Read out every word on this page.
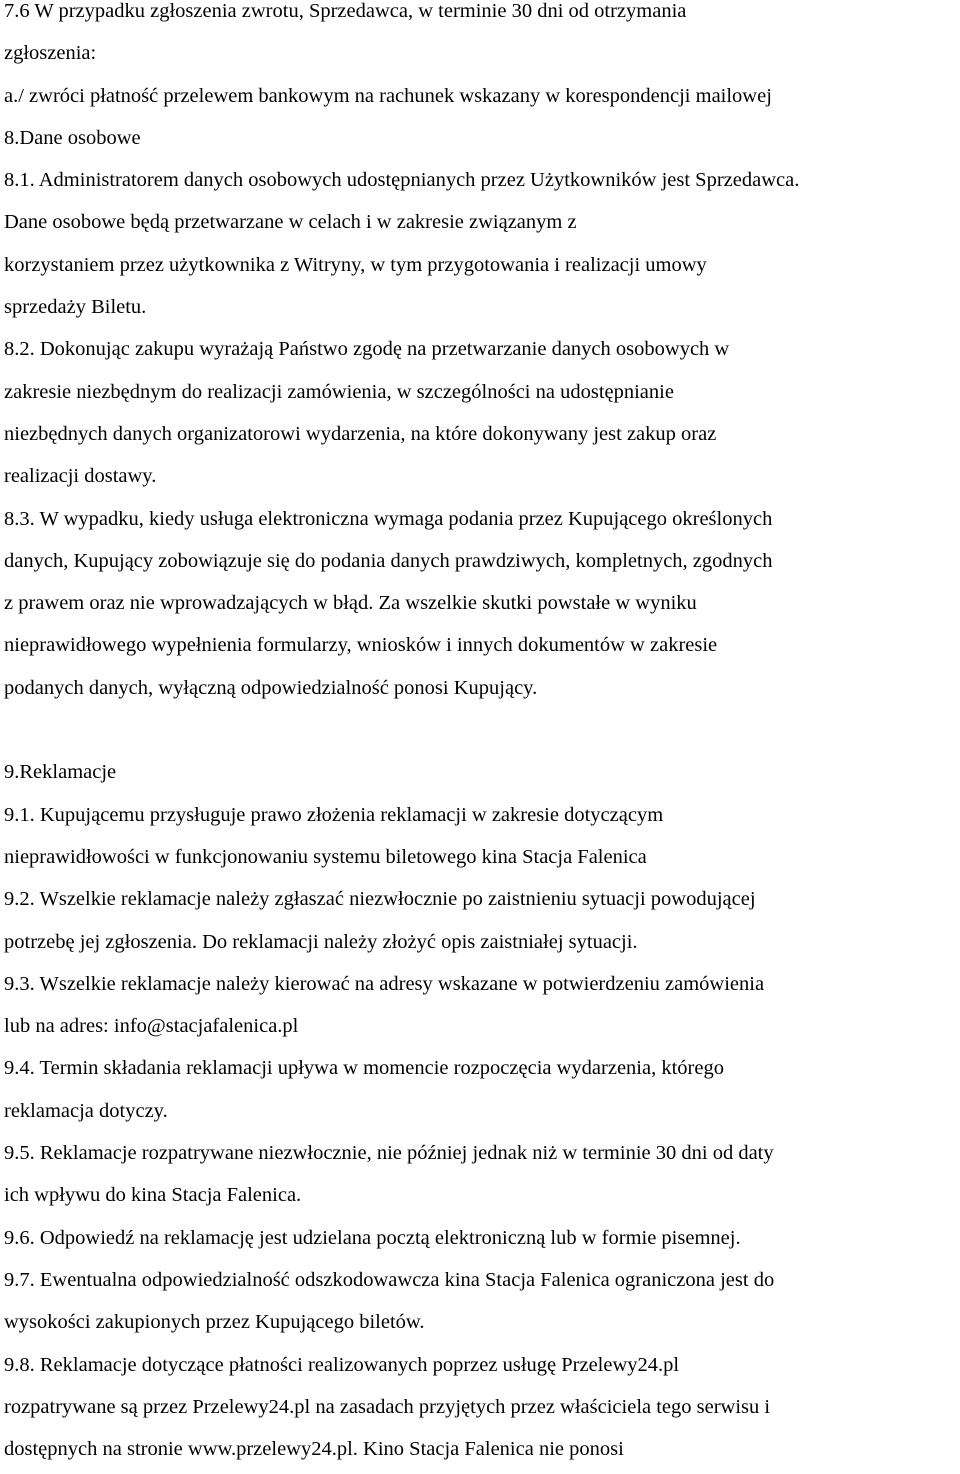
7.6 W przypadku zgłoszenia zwrotu, Sprzedawca, w terminie 30 dni od otrzymania
zgłoszenia:
a./ zwróci płatność przelewem bankowym na rachunek wskazany w korespondencji mailowej
8.Dane osobowe
8.1. Administratorem danych osobowych udostępnianych przez Użytkowników jest Sprzedawca.
Dane osobowe będą przetwarzane w celach i w zakresie związanym z
korzystaniem przez użytkownika z Witryny, w tym przygotowania i realizacji umowy
sprzedaży Biletu.
8.2. Dokonując zakupu wyrażają Państwo zgodę na przetwarzanie danych osobowych w
zakresie niezbędnym do realizacji zamówienia, w szczególności na udostępnianie
niezbędnych danych organizatorowi wydarzenia, na które dokonywany jest zakup oraz
realizacji dostawy.
8.3. W wypadku, kiedy usługa elektroniczna wymaga podania przez Kupującego określonych
danych, Kupujący zobowiązuje się do podania danych prawdziwych, kompletnych, zgodnych
z prawem oraz nie wprowadzających w błąd. Za wszelkie skutki powstałe w wyniku
nieprawidłowego wypełnienia formularzy, wniosków i innych dokumentów w zakresie
podanych danych, wyłączną odpowiedzialność ponosi Kupujący.
9.Reklamacje
9.1. Kupującemu przysługuje prawo złożenia reklamacji w zakresie dotyczącym
nieprawidłowości w funkcjonowaniu systemu biletowego kina Stacja Falenica
9.2. Wszelkie reklamacje należy zgłaszać niezwłocznie po zaistnieniu sytuacji powodującej
potrzebę jej zgłoszenia. Do reklamacji należy złożyć opis zaistniałej sytuacji.
9.3. Wszelkie reklamacje należy kierować na adresy wskazane w potwierdzeniu zamówienia
lub na adres: info@stacjafalenica.pl
9.4. Termin składania reklamacji upływa w momencie rozpoczęcia wydarzenia, którego
reklamacja dotyczy.
9.5. Reklamacje rozpatrywane niezwłocznie, nie później jednak niż w terminie 30 dni od daty
ich wpływu do kina Stacja Falenica.
9.6. Odpowiedź na reklamację jest udzielana pocztą elektroniczną lub w formie pisemnej.
9.7. Ewentualna odpowiedzialność odszkodowawcza kina Stacja Falenica ograniczona jest do
wysokości zakupionych przez Kupującego biletów.
9.8. Reklamacje dotyczące płatności realizowanych poprzez usługę Przelewy24.pl
rozpatrywane są przez Przelewy24.pl na zasadach przyjętych przez właściciela tego serwisu i
dostępnych na stronie www.przelewy24.pl. Kino Stacja Falenica nie ponosi
